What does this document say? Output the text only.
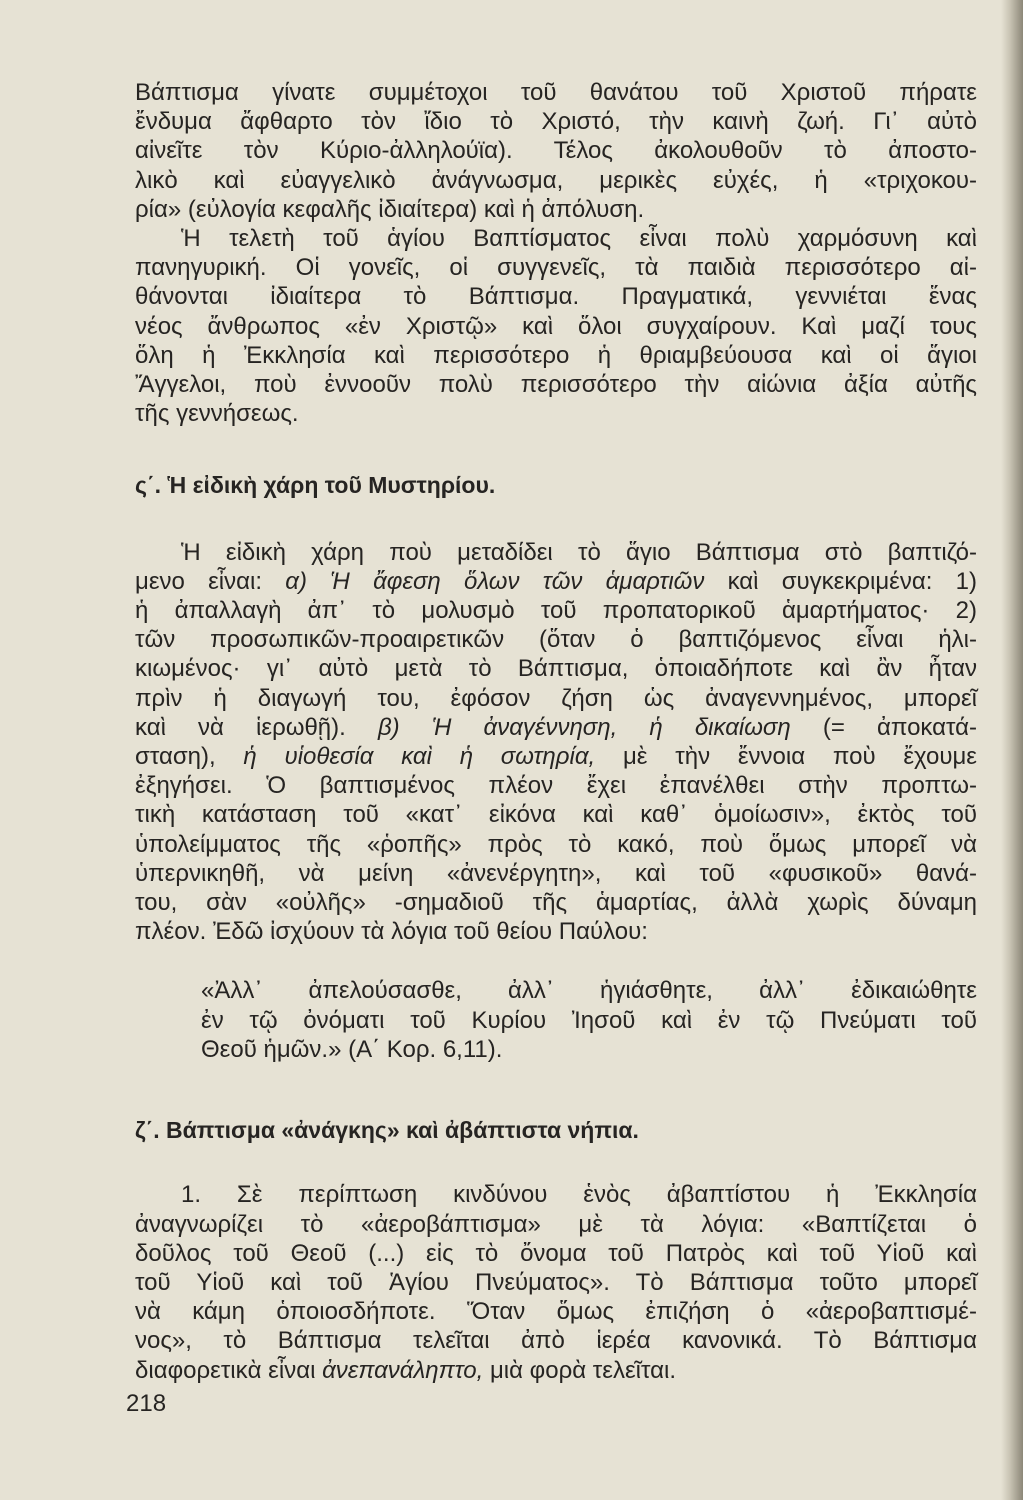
Βάπτισμα γίνατε συμμέτοχοι τοῦ θανάτου τοῦ Χριστοῦ πήρατε
ἔνδυμα ἄφθαρτο τὸν ἴδιο τὸ Χριστό, τὴν καινὴ ζωή. Γι᾽ αὐτὸ
αἰνεῖτε τὸν Κύριο-ἀλληλούϊα). Τέλος ἀκολουθοῦν τὸ ἀποστο-
λικὸ καὶ εὐαγγελικὸ ἀνάγνωσμα, μερικὲς εὐχές, ἡ «τριχοκου-
ρία» (εὐλογία κεφαλῆς ἰδιαίτερα) καὶ ἡ ἀπόλυση.

Ἡ τελετὴ τοῦ ἁγίου Βαπτίσματος εἶναι πολὺ χαρμόσυνη καὶ
πανηγυρική. Οἱ γονεῖς, οἱ συγγενεῖς, τὰ παιδιὰ περισσότερο αἰ-
θάνονται ἰδιαίτερα τὸ Βάπτισμα. Πραγματικά, γεννιέται ἕνας
νέος ἄνθρωπος «ἐν Χριστῷ» καὶ ὅλοι συγχαίρουν. Καὶ μαζί τους
ὅλη ἡ Ἐκκλησία καὶ περισσότερο ἡ θριαμβεύουσα καὶ οἱ ἅγιοι
Ἄγγελοι, ποὺ ἐννοοῦν πολὺ περισσότερο τὴν αἰώνια ἀξία αὐτῆς
τῆς γεννήσεως.

ς΄. Ἡ εἰδικὴ χάρη τοῦ Μυστηρίου.

Ἡ εἰδικὴ χάρη ποὺ μεταδίδει τὸ ἅγιο Βάπτισμα στὸ βαπτιζό-
μενο εἶναι: α) Ἡ ἄφεση ὅλων τῶν ἁμαρτιῶν καὶ συγκεκριμένα: 1)
ἡ ἀπαλλαγὴ ἀπ᾽ τὸ μολυσμὸ τοῦ προπατορικοῦ ἁμαρτήματος· 2)
τῶν προσωπικῶν-προαιρετικῶν (ὅταν ὁ βαπτιζόμενος εἶναι ἡλι-
κιωμένος· γι᾽ αὐτὸ μετὰ τὸ Βάπτισμα, ὁποιαδήποτε καὶ ἂν ἦταν
πρὶν ἡ διαγωγή του, ἐφόσον ζήση ὡς ἀναγεννημένος, μπορεῖ
καὶ νὰ ἱερωθῇ). β) Ἡ ἀναγέννηση, ἡ δικαίωση (= ἀποκατά-
σταση), ἡ υἱοθεσία καὶ ἡ σωτηρία, μὲ τὴν ἔννοια ποὺ ἔχουμε
ἐξηγήσει. Ὁ βαπτισμένος πλέον ἔχει ἐπανέλθει στὴν προπτω-
τικὴ κατάσταση τοῦ «κατ᾽ εἰκόνα καὶ καθ᾽ ὁμοίωσιν», ἐκτὸς τοῦ
ὑπολείμματος τῆς «ῥοπῆς» πρὸς τὸ κακό, ποὺ ὅμως μπορεῖ νὰ
ὑπερνικηθῆ, νὰ μείνη «ἀνενέργητη», καὶ τοῦ «φυσικοῦ» θανά-
του, σὰν «οὐλῆς» -σημαδιοῦ τῆς ἁμαρτίας, ἀλλὰ χωρὶς δύναμη
πλέον. Ἐδῶ ἰσχύουν τὰ λόγια τοῦ θείου Παύλου:

«Ἀλλ᾽ ἀπελούσασθε, ἀλλ᾽ ἡγιάσθητε, ἀλλ᾽ ἐδικαιώθητε
ἐν τῷ ὀνόματι τοῦ Κυρίου Ἰησοῦ καὶ ἐν τῷ Πνεύματι τοῦ
Θεοῦ ἡμῶν.» (Α΄ Κορ. 6,11).

ζ΄. Βάπτισμα «ἀνάγκης» καὶ ἀβάπτιστα νήπια.

1. Σὲ περίπτωση κινδύνου ἑνὸς ἀβαπτίστου ἡ Ἐκκλησία
ἀναγνωρίζει τὸ «ἀεροβάπτισμα» μὲ τὰ λόγια: «Βαπτίζεται ὁ
δοῦλος τοῦ Θεοῦ (...) εἰς τὸ ὄνομα τοῦ Πατρὸς καὶ τοῦ Υἱοῦ καὶ
τοῦ Υἱοῦ καὶ τοῦ Ἁγίου Πνεύματος». Τὸ Βάπτισμα τοῦτο μπορεῖ
νὰ κάμη ὁποιοσδήποτε. Ὅταν ὅμως ἐπιζήση ὁ «ἀεροβαπτισμέ-
νος», τὸ Βάπτισμα τελεῖται ἀπὸ ἱερέα κανονικά. Τὸ Βάπτισμα
διαφορετικὰ εἶναι ἀνεπανάληπτο, μιὰ φορὰ τελεῖται.

218
